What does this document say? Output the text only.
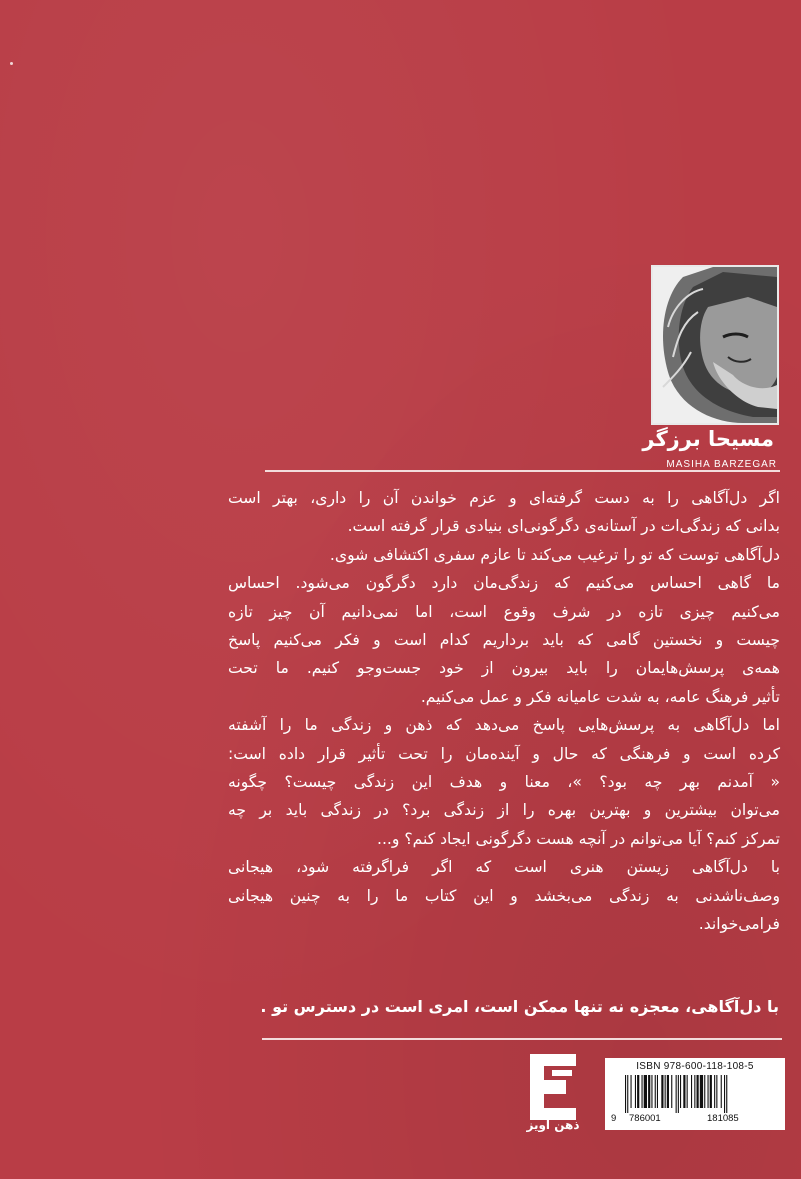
مسیحا برزگر
MASIHA BARZEGAR
اگر دل‌آگاهی را به دست گرفته‌ای و عزم خواندن آن را داری، بهتر است
بدانی که زندگی‌ات در آستانه‌ی دگرگونی‌ای بنیادی قرار گرفته است.
دل‌آگاهی توست که تو را ترغیب می‌کند تا عازم سفری اکتشافی شوی.
ما گاهی احساس می‌کنیم که زندگی‌مان دارد دگرگون می‌شود. احساس
می‌کنیم چیزی تازه در شرف وقوع است، اما نمی‌دانیم آن چیز تازه
چیست و نخستین گامی که باید برداریم کدام است و فکر می‌کنیم پاسخ
همه‌ی پرسش‌هایمان را باید بیرون از خود جست‌وجو کنیم. ما تحت
تأثیر فرهنگ عامه، به شدت عامیانه فکر و عمل می‌کنیم.
اما دل‌آگاهی به پرسش‌هایی پاسخ می‌دهد که ذهن و زندگی ما را آشفته
کرده است و فرهنگی که حال و آینده‌مان را تحت تأثیر قرار داده است:
« آمدنم بهر چه بود؟ »، معنا و هدف این زندگی چیست؟ چگونه
می‌توان بیشترین و بهترین بهره را از زندگی برد؟ در زندگی باید بر چه
تمرکز کنم؟ آیا می‌توانم در آنچه هست دگرگونی ایجاد کنم؟ و...
با دل‌آگاهی زیستن هنری است که اگر فراگرفته شود، هیجانی
وصف‌ناشدنی به زندگی می‌بخشد و این کتاب ما را به چنین هیجانی
فرامی‌خواند.
با دل‌آگاهی، معجزه نه تنها ممکن است، امری است در دسترس تو .
ذهن آویز
ISBN 978-600-118-108-5
9 786001	181085
